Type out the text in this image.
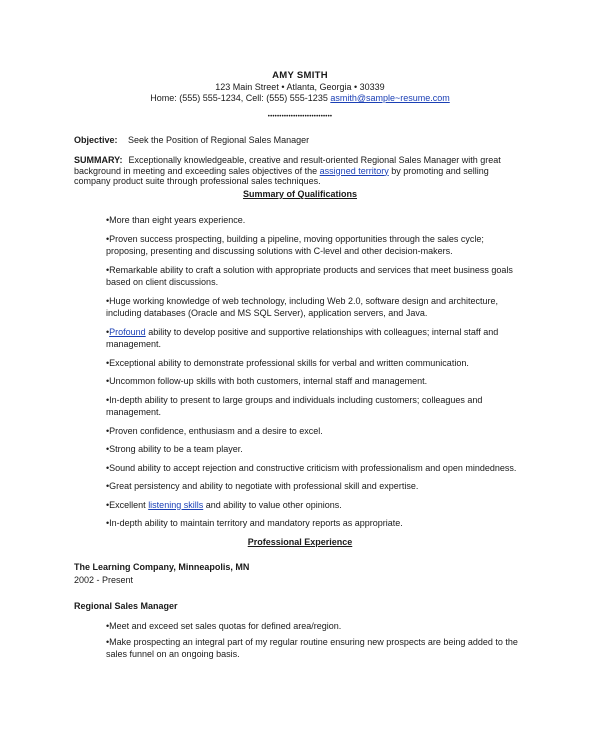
AMY SMITH
123 Main Street • Atlanta, Georgia • 30339
Home: (555) 555-1234, Cell: (555) 555-1235 asmith@sample~resume.com
••••••••••••••••••••••••••••
Objective: Seek the Position of Regional Sales Manager
SUMMARY: Exceptionally knowledgeable, creative and result-oriented Regional Sales Manager with great background in meeting and exceeding sales objectives of the assigned territory by promoting and selling company product suite through professional sales techniques.
Summary of Qualifications
•More than eight years experience.
•Proven success prospecting, building a pipeline, moving opportunities through the sales cycle; proposing, presenting and discussing solutions with C-level and other decision-makers.
•Remarkable ability to craft a solution with appropriate products and services that meet business goals based on client discussions.
•Huge working knowledge of web technology, including Web 2.0, software design and architecture, including databases (Oracle and MS SQL Server), application servers, and Java.
•Profound ability to develop positive and supportive relationships with colleagues; internal staff and management.
•Exceptional ability to demonstrate professional skills for verbal and written communication.
•Uncommon follow-up skills with both customers, internal staff and management.
•In-depth ability to present to large groups and individuals including customers; colleagues and management.
•Proven confidence, enthusiasm and a desire to excel.
•Strong ability to be a team player.
•Sound ability to accept rejection and constructive criticism with professionalism and open mindedness.
•Great persistency and ability to negotiate with professional skill and expertise.
•Excellent listening skills and ability to value other opinions.
•In-depth ability to maintain territory and mandatory reports as appropriate.
Professional Experience
The Learning Company, Minneapolis, MN
2002 - Present
Regional Sales Manager
•Meet and exceed set sales quotas for defined area/region.
•Make prospecting an integral part of my regular routine ensuring new prospects are being added to the sales funnel on an ongoing basis.
